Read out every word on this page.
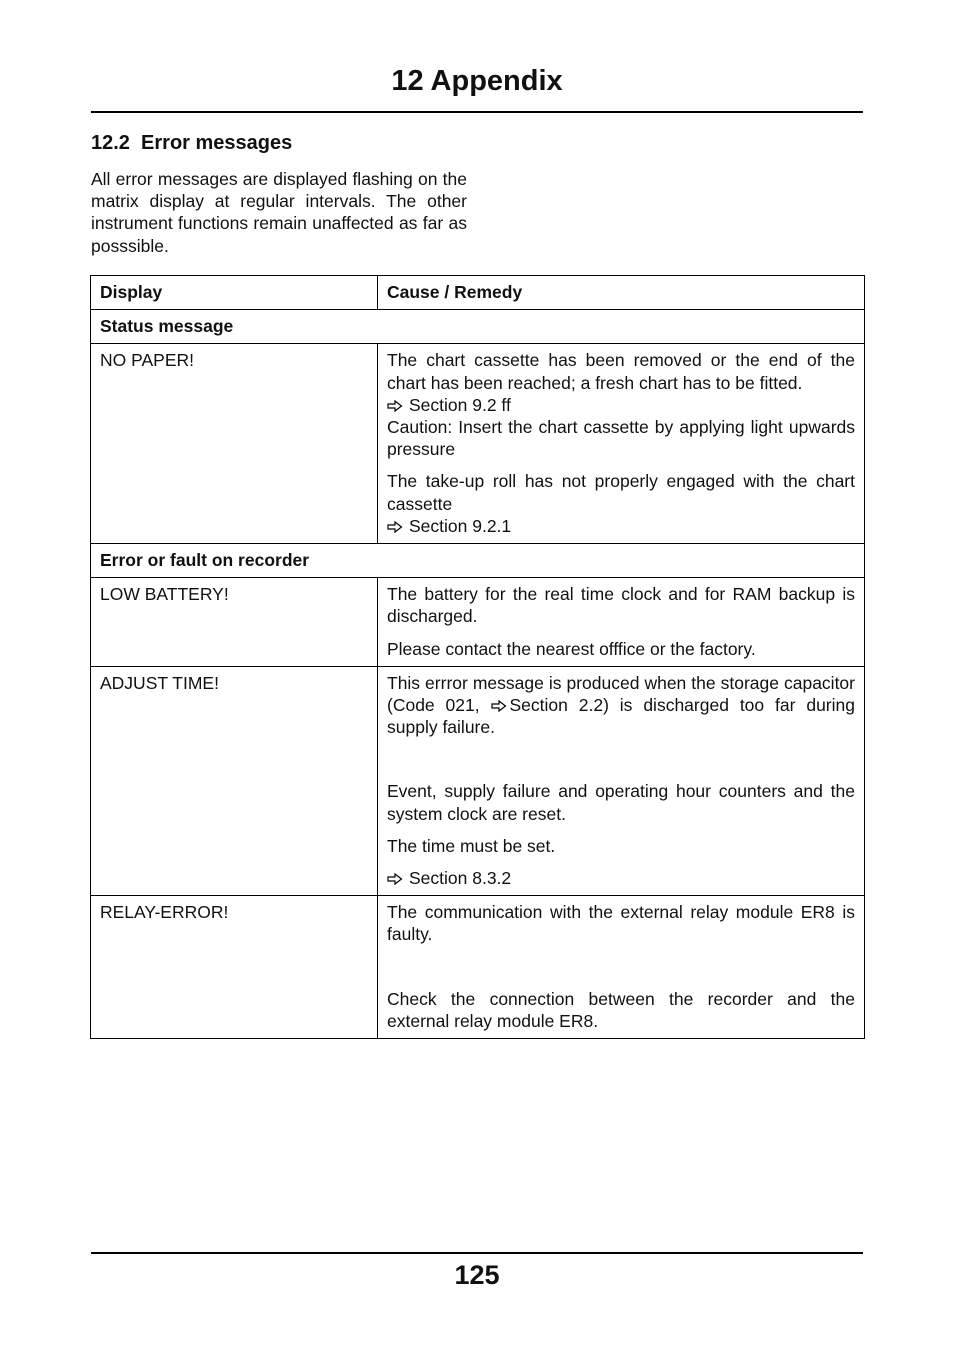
12 Appendix
12.2  Error messages

All error messages are displayed flashing on the matrix display at regular intervals. The other instrument functions remain unaffected as far as posssible.

Display	Cause / Remedy
Status message	
NO PAPER!	The chart cassette has been removed or the end of the chart has been reached; a fresh chart has to be fitted.
Section 9.2 ff
Caution: Insert the chart cassette by applying light upwards pressure
The take-up roll has not properly engaged with the chart cassette
Section 9.2.1

Error or fault on recorder	
LOW BATTERY!	The battery for the real time clock and for RAM backup is discharged.
Please contact the nearest offfice or the factory.

ADJUST TIME!	This errror message is produced when the storage capacitor (Code 021, Section 2.2) is discharged too far during supply failure.
Event, supply failure and operating hour counters and the system clock are reset.
The time must be set.
Section 8.3.2

RELAY-ERROR!	The communication with the external relay module ER8 is faulty.
Check the connection between the recorder and the external relay module ER8.

125
